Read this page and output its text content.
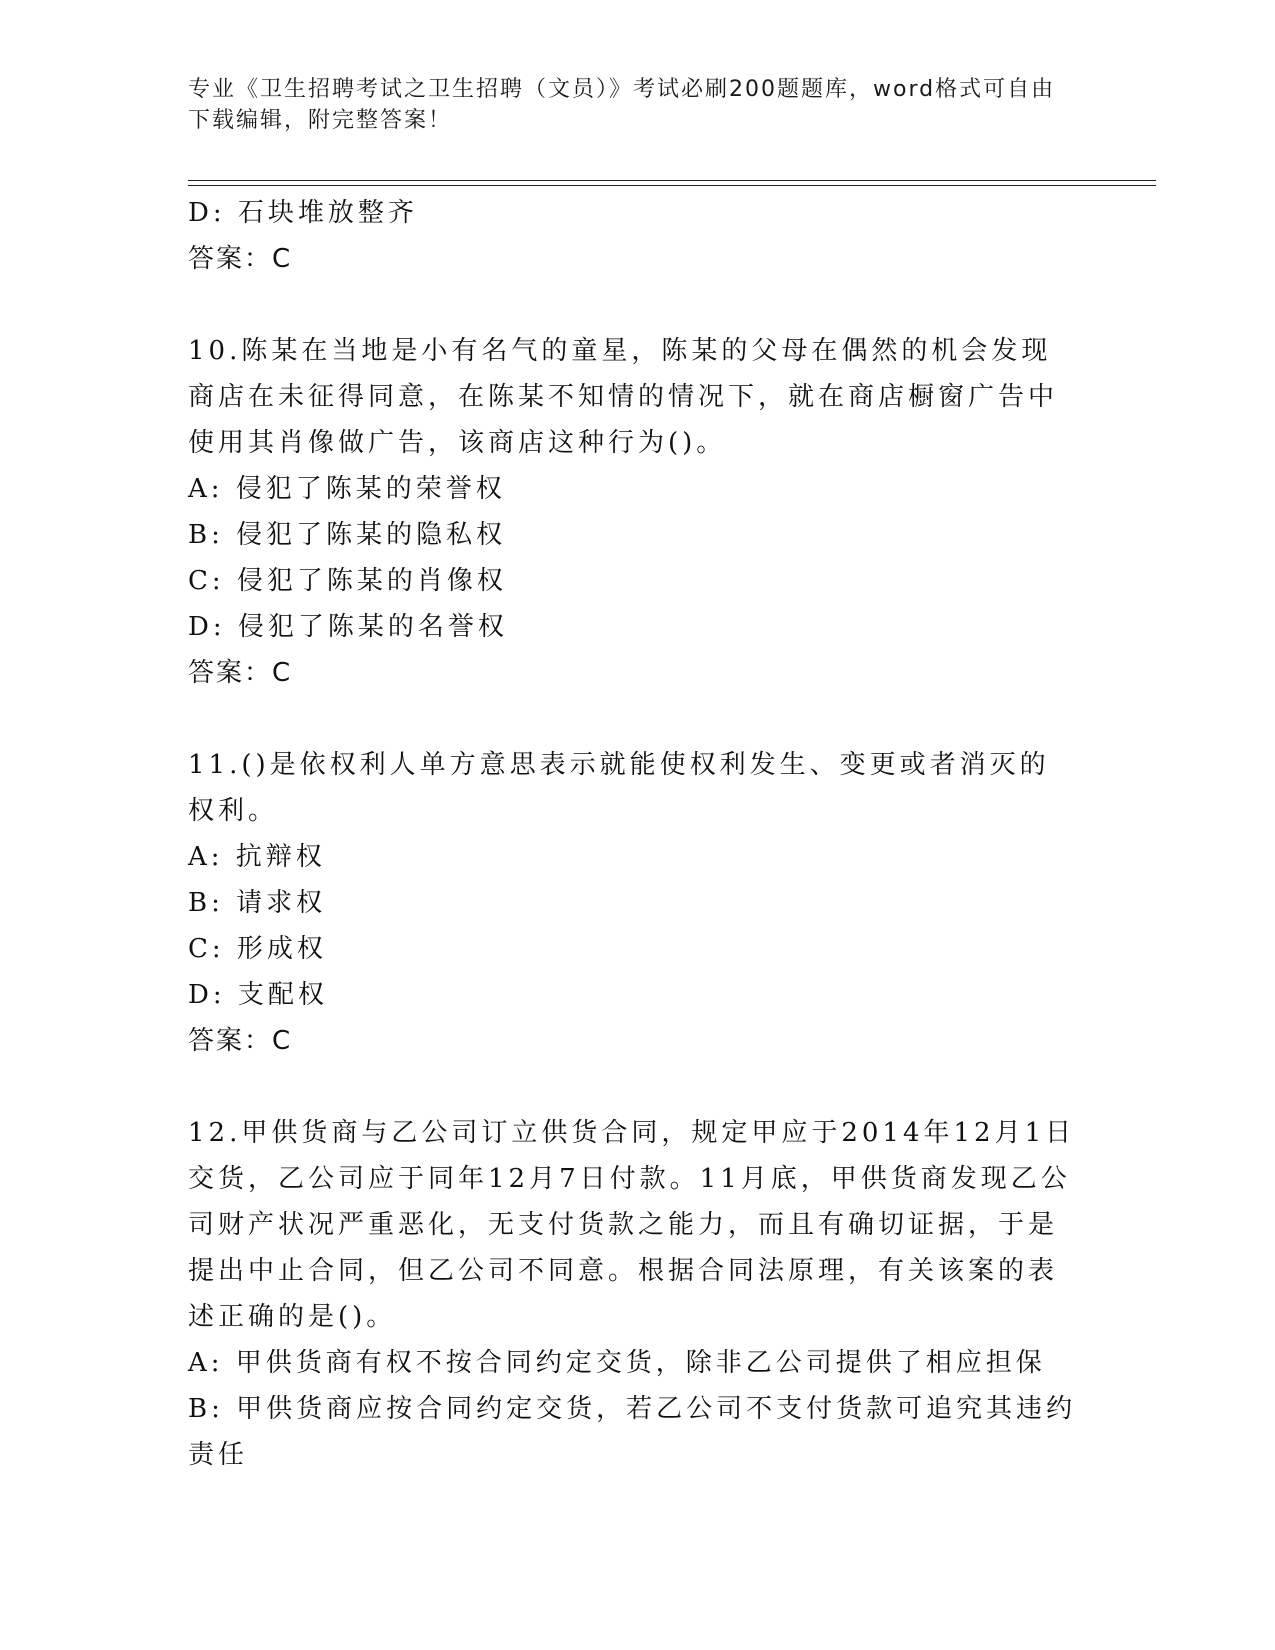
专业《卫生招聘考试之卫生招聘（文员）》考试必刷200题题库，word格式可自由下载编辑，附完整答案！
D: 石块堆放整齐
答案：C
10.陈某在当地是小有名气的童星，陈某的父母在偶然的机会发现商店在未征得同意，在陈某不知情的情况下，就在商店橱窗广告中使用其肖像做广告，该商店这种行为()。
A: 侵犯了陈某的荣誉权
B: 侵犯了陈某的隐私权
C: 侵犯了陈某的肖像权
D: 侵犯了陈某的名誉权
答案：C
11.()是依权利人单方意思表示就能使权利发生、变更或者消灭的权利。
A: 抗辩权
B: 请求权
C: 形成权
D: 支配权
答案：C
12.甲供货商与乙公司订立供货合同，规定甲应于2014年12月1日交货，乙公司应于同年12月7日付款。11月底，甲供货商发现乙公司财产状况严重恶化，无支付货款之能力，而且有确切证据，于是提出中止合同，但乙公司不同意。根据合同法原理，有关该案的表述正确的是()。
A: 甲供货商有权不按合同约定交货，除非乙公司提供了相应担保
B: 甲供货商应按合同约定交货，若乙公司不支付货款可追究其违约责任
